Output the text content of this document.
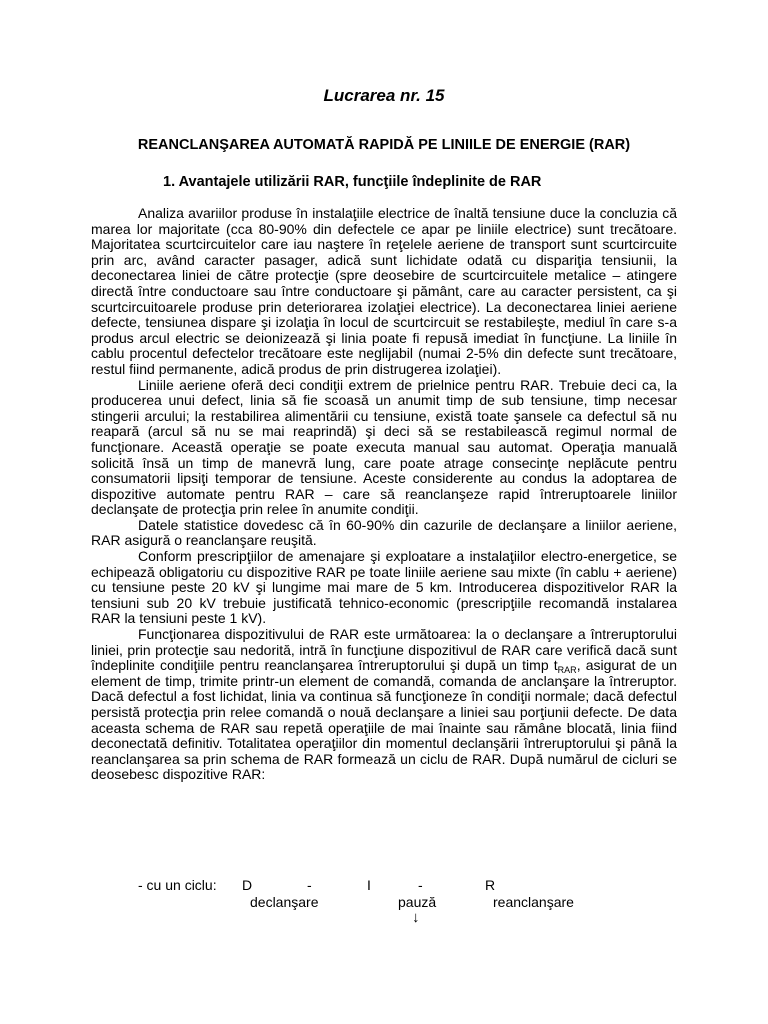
Lucrarea nr. 15
REANCLANŞAREA AUTOMATĂ RAPIDĂ PE LINIILE DE ENERGIE (RAR)
1. Avantajele utilizării RAR, funcţiile îndeplinite de RAR

Analiza avariilor produse în instalaţiile electrice de înaltă tensiune duce la concluzia că marea lor majoritate (cca 80-90% din defectele ce apar pe liniile electrice) sunt trecătoare. Majoritatea scurtcircuitelor care iau naştere în reţelele aeriene de transport sunt scurtcircuite prin arc, având caracter pasager, adică sunt lichidate odată cu dispariţia tensiunii, la deconectarea liniei de către protecţie (spre deosebire de scurtcircuitele metalice – atingere directă între conductoare sau între conductoare şi pământ, care au caracter persistent, ca şi scurtcircuitoarele produse prin deteriorarea izolaţiei electrice). La deconectarea liniei aeriene defecte, tensiunea dispare şi izolaţia în locul de scurtcircuit se restabileşte, mediul în care s-a produs arcul electric se deionizează şi linia poate fi repusă imediat în funcţiune. La liniile în cablu procentul defectelor trecătoare este neglijabil (numai 2-5% din defecte sunt trecătoare, restul fiind permanente, adică produs de prin distrugerea izolaţiei).

Liniile aeriene oferă deci condiţii extrem de prielnice pentru RAR. Trebuie deci ca, la producerea unui defect, linia să fie scoasă un anumit timp de sub tensiune, timp necesar stingerii arcului; la restabilirea alimentării cu tensiune, există toate şansele ca defectul să nu reapară (arcul să nu se mai reaprindă) şi deci să se restabilească regimul normal de funcţionare. Această operaţie se poate executa manual sau automat. Operaţia manuală solicită însă un timp de manevră lung, care poate atrage consecinţe neplăcute pentru consumatorii lipsiţi temporar de tensiune. Aceste considerente au condus la adoptarea de dispozitive automate pentru RAR – care să reanclanşeze rapid întreruptoarele liniilor declanşate de protecţia prin relee în anumite condiţii.

Datele statistice dovedesc că în 60-90% din cazurile de declanşare a liniilor aeriene, RAR asigură o reanclanşare reuşită.

Conform prescripţiilor de amenajare şi exploatare a instalaţiilor electro-energetice, se echipează obligatoriu cu dispozitive RAR pe toate liniile aeriene sau mixte (în cablu + aeriene) cu tensiune peste 20 kV şi lungime mai mare de 5 km. Introducerea dispozitivelor RAR la tensiuni sub 20 kV trebuie justificată tehnico-economic (prescripţiile recomandă instalarea RAR la tensiuni peste 1 kV).

Funcţionarea dispozitivului de RAR este următoarea: la o declanşare a întreruptorului liniei, prin protecţie sau nedorită, intră în funcţiune dispozitivul de RAR care verifică dacă sunt îndeplinite condiţiile pentru reanclanşarea întreruptorului şi după un timp $t_{RAR}$, asigurat de un element de timp, trimite printr-un element de comandă, comanda de anclanşare la întreruptor. Dacă defectul a fost lichidat, linia va continua să funcţioneze în condiţii normale; dacă defectul persistă protecţia prin relee comandă o nouă declanşare a liniei sau porţiunii defecte. De data aceasta schema de RAR sau repetă operaţiile de mai înainte sau rămâne blocată, linia fiind deconectată definitiv. Totalitatea operaţiilor din momentul declanşării întreruptorului şi până la reanclanşarea sa prin schema de RAR formează un ciclu de RAR. După numărul de cicluri se deosebesc dispozitive RAR:

- cu un ciclu: D	-	I	-	R
declanşare	pauză	reanclanşare
↓
